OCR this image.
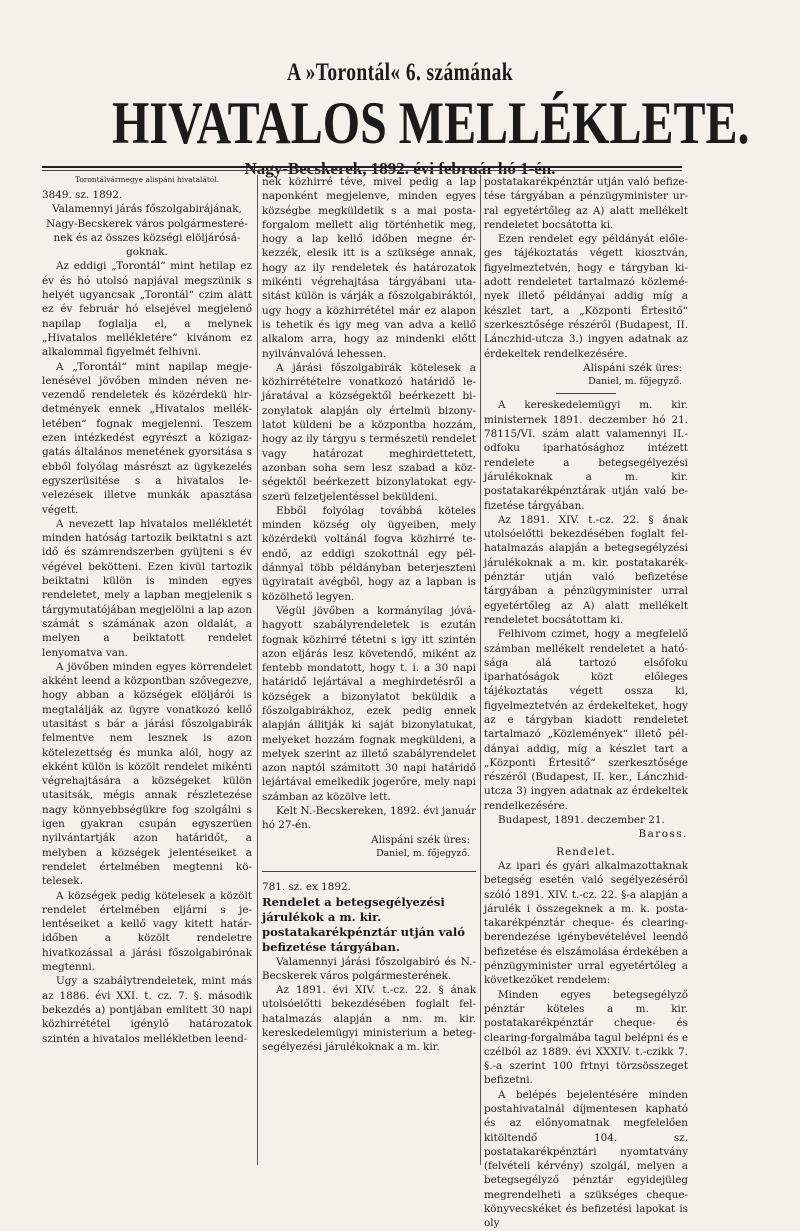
A »Torontál« 6. számának
HIVATALOS MELLÉKLETE.
Nagy-Becskerek, 1892. évi február hó 1-én.
Torontálvármegye alispáni hivatalától.

3849. sz. 1892.

Valamennyi járás főszolgabirájának, Nagy-Becskerek város polgármesterének és az összes községi elöljáróságoknak.

Az eddigi „Torontál“ mint hetilap ez év és hó utolsó napjával megszünik s helyét ugyancsak „Torontál“ czim alatt ez év február hó elsejével megjelenő napilap foglalja el, a melynek „Hivatalos mellékletére“ kivánom ez alkalommal figyelmét felhivni.

A „Torontál“ mint napilap megjelenésével jövőben minden néven nevezendő rendeletek és közérdekü hirdetmények ennek „Hivatalos mellékletében“ fognak megjelenni. Teszem ezen intézkedést egyrészt a közigazgatás általános menetének gyorsitása s ebből folyólag másrészt az ügykezelés egyszerüsitése s a hivatalos levelezések illetve munkák apasztása végett.

A nevezett lap hivatalos mellékletét minden hatóság tartozik beiktatni s azt idő és számrendszerben gyüjteni s év végével bekötteni. Ezen kivül tartozik beiktatni külön is minden egyes rendeletet, mely a lapban megjelenik s tárgymutatójában megjelölni a lap azon számát s számának azon oldalát, a melyen a beiktatott rendelet lenyomatva van.

A jövőben minden egyes körrendelet akként leend a központban szővegezve, hogy abban a községek elöljárói is megtalálják az ügyre vonatkozó kellő utasitást s bár a járási főszolgabirák felmentve nem lesznek is azon kötelezettség és munka alól, hogy az ekként külön is közölt rendelet mikénti végrehajtására a községeket külön utasitsák, mégis annak részletezése nagy könnyebbségükre fog szolgálni s igen gyakran csupán egyszerüen nyilvántartják azon határidőt, a melyben a községek jelentéseiket a rendelet értelmében megtenni kötelesek.

A községek pedig kötelesek a közölt rendelet értelmében eljárni s jelentéseiket a kellő vagy kitett határidőben a közölt rendeletre hivatkozással a járási főszolgabirónak megtenni.

Ugy a szabálytrendeletek, mint más az 1886. évi XXI. t. cz. 7. §. második bekezdés a) pontjában emlitett 30 napi közhirrététel igénylő határozatok szintén a hivatalos mellékletben leend-

nek közhirré téve, mivel pedig a lap naponként megjelenve, minden egyes községbe megküldetik s a mai postaforgalom mellett alig történhetik meg, hogy a lap kellő időben megne érkezzék, elesik itt is a szüksége annak, hogy az ily rendeletek és határozatok mikénti végrehajtása tárgyábani utasitást külön is várják a főszolgabiráktól, ugy hogy a közhirrététel már ez alapon is tehetik és igy meg van adva a kellő alkalom arra, hogy az mindenki előtt nyilvánvalóvá lehessen.

A járási főszolgabirák kötelesek a közhirrétételre vonatkozó határidő lejáratával a községektől beérkezett bizonylatok alapján oly értelmü bizonylatot küldeni be a központba hozzám, hogy az ily tárgyu s természetü rendelet vagy határozat meghirdettetett, azonban soha sem lesz szabad a községektől beérkezett bizonylatokat egyszerü felzetjelentéssel beküldeni.

Ebből folyólag továbbá köteles minden község oly ügyeiben, mely közérdekü voltánál fogva közhirré teendő, az eddigi szokottnál egy példánnyal több példányban beterjeszteni ügyiratait avégből, hogy az a lapban is közölhető legyen.

Végül jövőben a kormányilag jóváhagyott szabályrendeletek is ezután fognak közhirré tétetni s igy itt szintén azon eljárás lesz követendő, miként az fentebb mondatott, hogy t. i. a 30 napi határidő lejártával a meghirdetésről a községek a bizonylatot beküldik a főszolgabirákhoz, ezek pedig ennek alapján állitják ki saját bizonylatukat, melyeket hozzám fognak megküldeni, a melyek szerint az illető szabályrendelet azon naptól számitott 30 napi határidő lejártával emelkedik jogerőre, mely napi számban az közölve lett.

Kelt N.-Becskereken, 1892. évi január hó 27-én.

Alispáni szék üres:
Daniel, m. főjegyző.

781. sz. ex 1892.

Rendelet a betegsegélyezési járulékok a m. kir. postatakarékpénztár utján való befizetése tárgyában.

Valamennyi járási főszolgabiró és N.-Becskerek város polgármesterének.

Az 1891. évi XIV. t.-cz. 22. § ának utolsóelőtti bekezdésében foglalt felhatalmazás alapján a nm. m. kir. kereskedelemügyi ministerium a betegsegélyezési járulékoknak a m. kir.

postatakarékpénztár utján való befizetése tárgyában a pénzügyminister urral egyetértőleg az A) alatt mellékelt rendeletet bocsátotta ki.

Ezen rendelet egy példányát előleges tájékoztatás végett kiosztván, figyelmeztetvén, hogy e tárgyban kiadott rendeletet tartalmazó közlemények illető példányai addig míg a készlet tart, a „Központi Értesitő“ szerkesztősége részéről (Budapest, II. Lánczhid-utcza 3.) ingyen adatnak az érdekeltek rendelkezésére.

Alispáni szék üres:
Daniel, m. főjegyző.

A kereskedelemügyi m. kir. ministernek 1891. deczember hó 21. 78115/VI. szám alatt valamennyi II.-odfoku iparhatósághoz intézett rendelete a betegsegélyezési járulékoknak a m. kir. postatakarékpénztárak utján való befizetése tárgyában.

Az 1891. XIV. t.-cz. 22. § ának utolsóelőtti bekezdésében foglalt felhatalmazás alapján a betegsegélyzési járulékoknak a m. kir. postatakarékpénztár utján való befizetése tárgyában a pénzügyminister urral egyetértőleg az A) alatt mellékelt rendeletet bocsátottam ki.

Felhivom czimet, hogy a megfelelő számban mellékelt rendeletet a hatósága alá tartozó elsőfoku iparhatóságok közt előleges tájékoztatás végett ossza ki, figyelmeztetvén az érdekelteket, hogy az e tárgyban kiadott rendeletet tartalmazó „Közlemények“ illető példányai addig, míg a készlet tart a „Központi Értesitő“ szerkesztősége részéről (Budapest, II. ker., Lánczhidutcza 3) ingyen adatnak az érdekeltek rendelkezésére.

Budapest, 1891. deczember 21.

Baross.
Rendelet.

Az ipari és gyári alkalmazottaknak betegség esetén való segélyezéséről szóló 1891. XIV. t.-cz. 22. §-a alapján a járulék i összegeknek a m. k. postatakarékpénztár cheque- és clearingberendezése igénybevételével leendő befizetése és elszámolása érdekében a pénzügyminister urral egyetértőleg a következőket rendelem:

Minden egyes betegsegélyző pénztár köteles a m. kir. postatakarékpénztár cheque- és clearing-forgalmába tagul belépni és e czélból az 1889. évi XXXIV. t.-czikk 7. §.-a szerint 100 frtnyi törzsösszeget befizetni.

A belépés bejelentésére minden postahivatalnál díjmentesen kapható és az előnyomatnak megfelelően kitöltendő 104. sz. postatakarékpénztári nyomtatvány (felvételi kérvény) szolgál, melyen a betegsegélyző pénztár egyidejüleg megrendelheti a szükséges cheque-könyvecskéket és befizetési lapokat is oly
